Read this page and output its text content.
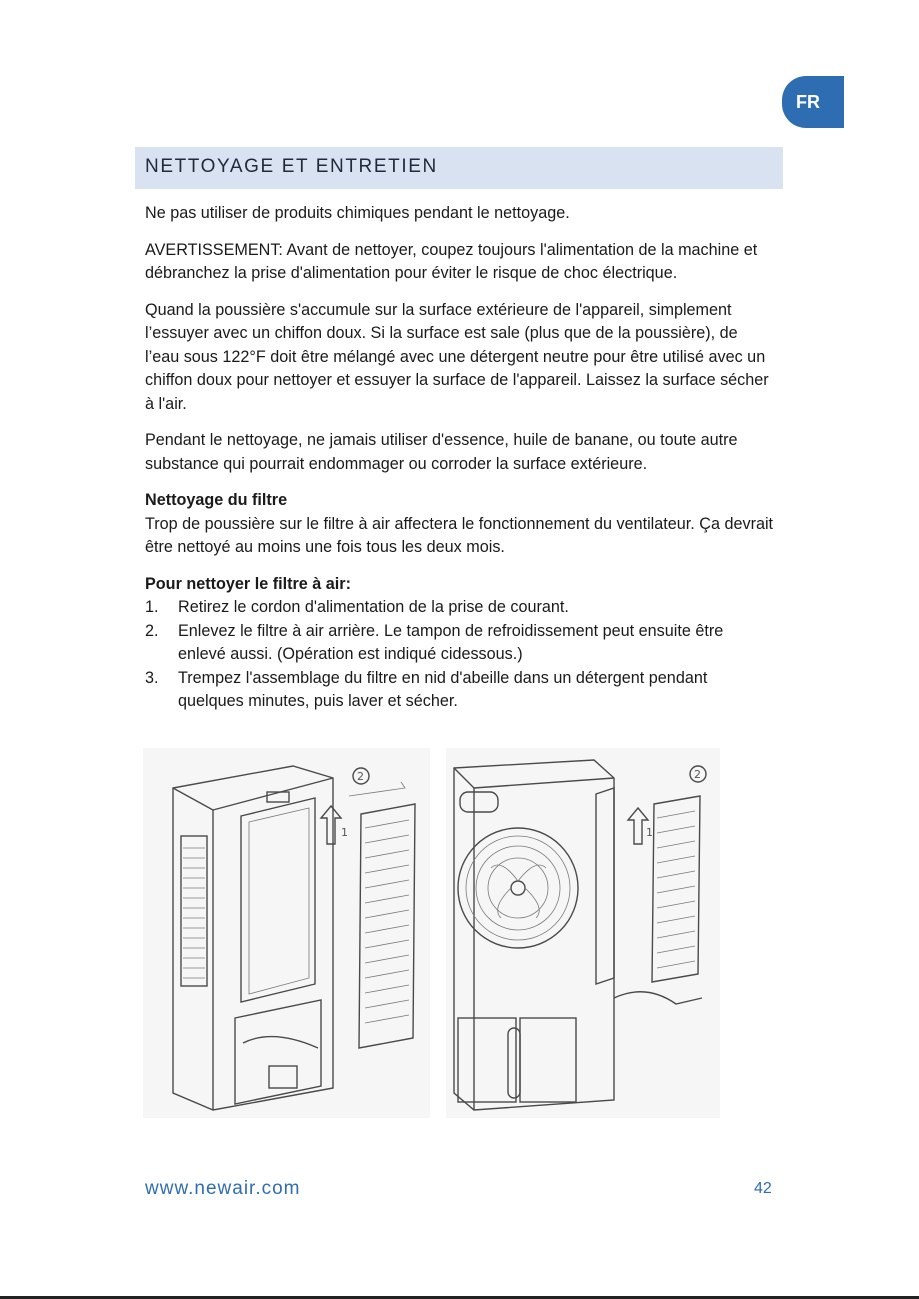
FR
NETTOYAGE ET ENTRETIEN

Ne pas utiliser de produits chimiques pendant le nettoyage.

AVERTISSEMENT: Avant de nettoyer, coupez toujours l'alimentation de la machine et débranchez la prise d'alimentation pour éviter le risque de choc électrique.

Quand la poussière s'accumule sur la surface extérieure de l'appareil, simplement l’essuyer avec un chiffon doux. Si la surface est sale (plus que de la poussière), de l’eau sous 122°F doit être mélangé avec une détergent neutre pour être utilisé avec un chiffon doux pour nettoyer et essuyer la surface de l'appareil. Laissez la surface sécher à l'air.

Pendant le nettoyage, ne jamais utiliser d'essence, huile de banane, ou toute autre substance qui pourrait endommager ou corroder la surface extérieure.

Nettoyage du filtre

Trop de poussière sur le filtre à air affectera le fonctionnement du ventilateur. Ça devrait être nettoyé au moins une fois tous les deux mois.

Pour nettoyer le filtre à air:
1. Retirez le cordon d'alimentation de la prise de courant.
2. Enlevez le filtre à air arrière. Le tampon de refroidissement peut ensuite être enlevé aussi. (Opération est indiqué cidessous.)
3. Trempez l'assemblage du filtre en nid d'abeille dans un détergent pendant quelques minutes, puis laver et sécher.
1
2
1
2
www.newair.com	42
